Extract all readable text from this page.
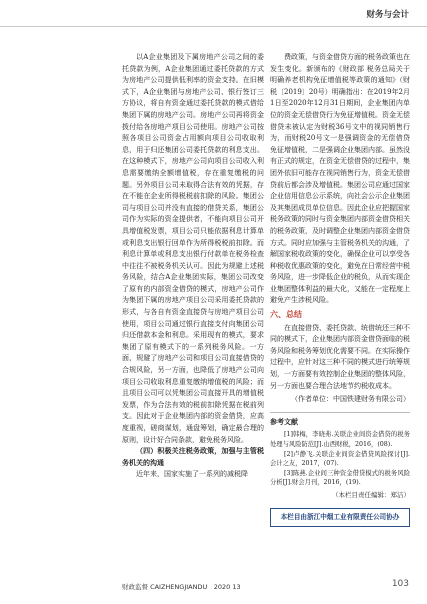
财务与会计

以A企业集团及下属房地产公司之间的委托贷款为例，A企业集团通过委托贷款的方式为房地产公司提供低利率的资金支持。在旧模式下，A企业集团与房地产公司、银行签订三方协议，将自有资金通过委托贷款的模式借给集团下属的房地产公司。房地产公司再将资金拨付给各房地产项目公司使用。房地产公司按照各项目公司资金占用额向项目公司收取利息，用于归还集团公司委托贷款的利息支出。在这种模式下，房地产公司向项目公司收入利息需要缴纳全额增值税，存在重复缴税的问题。另外项目公司未取得合法有效的凭据，存在不能在企业所得税税前扣除的风险。集团公司与项目公司并没有直接的借贷关系，集团公司作为实际的资金提供者，不能向项目公司开具增值税发票，项目公司只能依据利息计算单或利息支出银行回单作为所得税税前扣除。而利息计算单或利息支出银行付款单在税务检查中往往不被税务机关认可。因此为规避上述税务风险，结合A企业集团实际，集团公司改变了原有的内部资金借贷的模式，房地产公司作为集团下属的房地产项目公司采用委托贷款的形式，与各自有资金直接贷与房地产项目公司使用，项目公司通过银行直接支付向集团公司归还借款本金和利息。采用现有的模式，要求集团了原有模式下的一系列税务风险。一方面，规避了房地产公司和项目公司直接借贷的合规风险，另一方面，也降低了房地产公司向项目公司收取利息重复缴纳增值税的风险；而且项目公司可以凭集团公司直接开具的增值税发票，作为合法有效的税前扣除凭据在税前列支。因此对于企业集团内部的资金借贷，应高度重视，磋商谋划，通盘筹划，确定最合理的原则，设计好合同条款，避免税务风险。

（四）积极关注税务政策，加强与主管税务机关的沟通

近年来，国家实施了一系列的减税降

费政策，与资金借贷方面的税务政策也在发生变化。新颁布的《财政部 税务总局关于明确养老机构免征增值税等政策的通知》（财税〔2019〕20号）明确指出：在2019年2月1日至2020年12月31日期间，企业集团内单位的资金无偿借贷行为免征增值税。资金无偿借贷未被认定为财税36号文中的视同销售行为，而财税20号文一是强调资金的无偿借贷免征增值税，二是强调企业集团内部。虽然没有正式的规定，在资金无偿借贷的过程中，集团外依旧可能存在视同销售行为，资金无偿借贷前后都会涉及增值税。集团公司应通过国家企业信用信息公示系统，向社会公示企业集团及其集团成员单位信息。因此企业应把握国家税务政策的同时与资金集团内部资金借贷相关的税务政策，及时调整企业集团内部资金借贷方式。同时应加强与主管税务机关的沟通，了解国家税收政策的变化，确保企业可以享受各种税收优惠政策的变化，避免在日常经营中税务风险，进一步降低企业的税负，从而实现企业集团整体利益的最大化，又能在一定程度上避免产生涉税风险。

六、总结

在直接借贷、委托贷款、统借统还三种不同的模式下，企业集团内部资金借贷面临的税务风险和税务筹划优化需要不同。在实际操作过程中，应针对这三种不同的模式进行统筹规划，一方面要有效控制企业集团的整体风险，另一方面也要合理合法地节约税收成本。

（作者单位：中国铁建财务有限公司）
参考文献

[1]韩梅，李晓弗.关联企业间资金借贷的税务处理与风险防范[J].山西财税，2016，(08).

[2]卢静飞.关联企业间资金借贷风险探讨[J].会计之友，2017，(07).

[3]陈燕.企业间三种资金借贷模式的税务风险分析[J].财会月刊，2016，(19).

（本栏目责任编辑：郑洁）
本栏目由浙江中烟工业有限责任公司协办
财政监督 CAIZHENGJIANDU　2020 13	103
